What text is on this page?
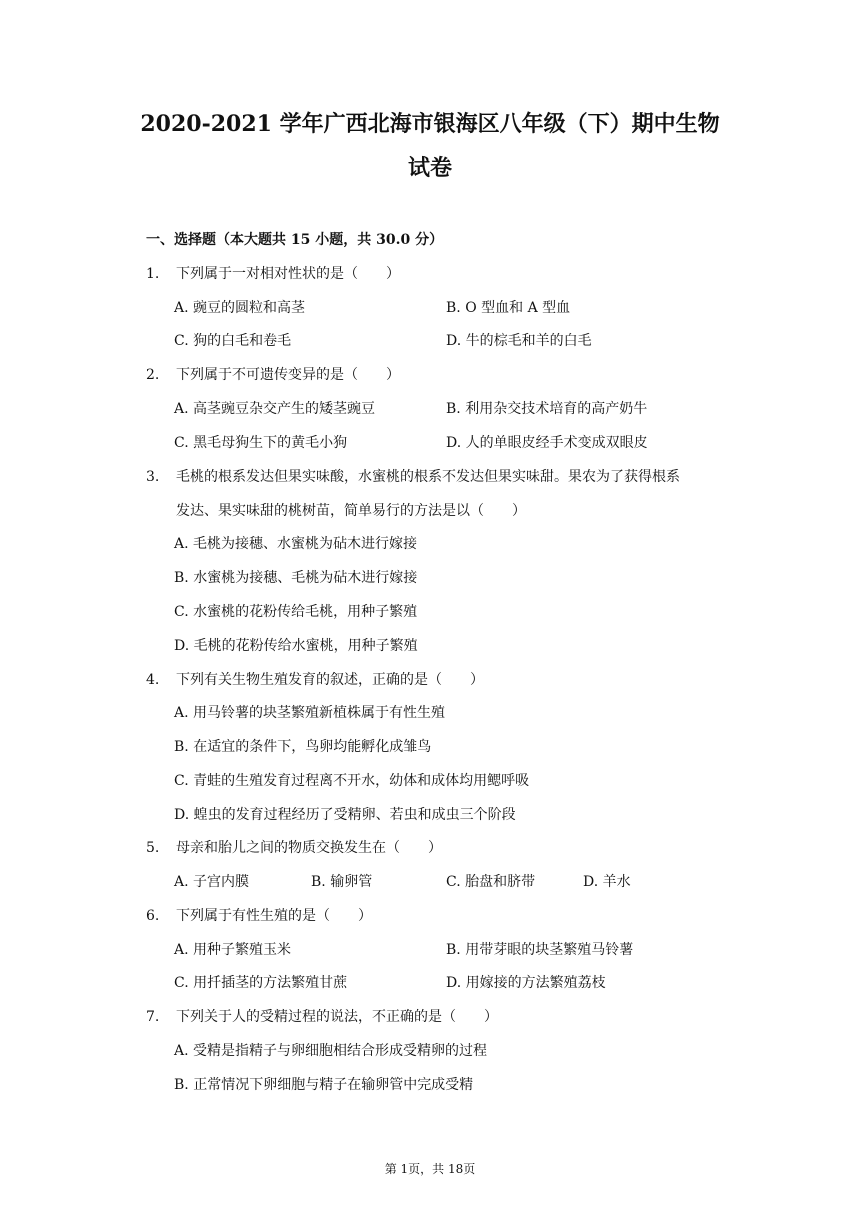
2020-2021 学年广西北海市银海区八年级（下）期中生物
试卷
一、选择题（本大题共 15 小题，共 30.0 分）
1. 下列属于一对相对性状的是（　　）
A. 豌豆的圆粒和高茎	B. O 型血和 A 型血
C. 狗的白毛和卷毛	D. 牛的棕毛和羊的白毛
2. 下列属于不可遗传变异的是（　　）
A. 高茎豌豆杂交产生的矮茎豌豆	B. 利用杂交技术培育的高产奶牛
C. 黑毛母狗生下的黄毛小狗	D. 人的单眼皮经手术变成双眼皮
3. 毛桃的根系发达但果实味酸，水蜜桃的根系不发达但果实味甜。果农为了获得根系
发达、果实味甜的桃树苗，简单易行的方法是以（　　）
A. 毛桃为接穗、水蜜桃为砧木进行嫁接
B. 水蜜桃为接穗、毛桃为砧木进行嫁接
C. 水蜜桃的花粉传给毛桃，用种子繁殖
D. 毛桃的花粉传给水蜜桃，用种子繁殖
4. 下列有关生物生殖发育的叙述，正确的是（　　）
A. 用马铃薯的块茎繁殖新植株属于有性生殖
B. 在适宜的条件下，鸟卵均能孵化成雏鸟
C. 青蛙的生殖发育过程离不开水，幼体和成体均用鳃呼吸
D. 蝗虫的发育过程经历了受精卵、若虫和成虫三个阶段
5. 母亲和胎儿之间的物质交换发生在（　　）
A. 子宫内膜	B. 输卵管	C. 胎盘和脐带	D. 羊水
6. 下列属于有性生殖的是（　　）
A. 用种子繁殖玉米	B. 用带芽眼的块茎繁殖马铃薯
C. 用扦插茎的方法繁殖甘蔗	D. 用嫁接的方法繁殖荔枝
7. 下列关于人的受精过程的说法，不正确的是（　　）
A. 受精是指精子与卵细胞相结合形成受精卵的过程
B. 正常情况下卵细胞与精子在输卵管中完成受精
第 1页，共 18页
